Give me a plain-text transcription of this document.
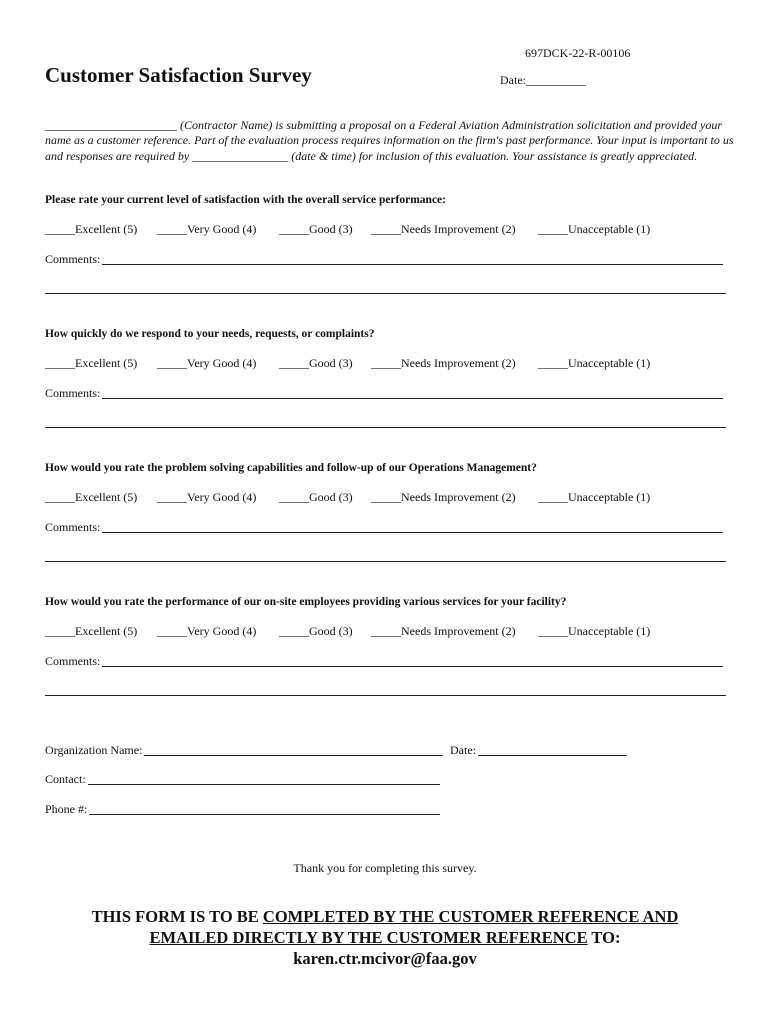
697DCK-22-R-00106
Customer Satisfaction Survey	Date:__________
______________________ (Contractor Name) is submitting a proposal on a Federal Aviation Administration solicitation and provided your name as a customer reference. Part of the evaluation process requires information on the firm's past performance. Your input is important to us and responses are required by ________________ (date & time) for inclusion of this evaluation. Your assistance is greatly appreciated.
Please rate your current level of satisfaction with the overall service performance:
_____Excellent (5) _____Very Good (4) _____Good (3) _____Needs Improvement (2) _____Unacceptable (1)
Comments:
How quickly do we respond to your needs, requests, or complaints?
_____Excellent (5) _____Very Good (4) _____Good (3) _____Needs Improvement (2) _____Unacceptable (1)
Comments:
How would you rate the problem solving capabilities and follow-up of our Operations Management?
_____Excellent (5) _____Very Good (4) _____Good (3) _____Needs Improvement (2) _____Unacceptable (1)
Comments:
How would you rate the performance of our on-site employees providing various services for your facility?
_____Excellent (5) _____Very Good (4) _____Good (3) _____Needs Improvement (2) _____Unacceptable (1)
Comments:
Organization Name:	Date:
Contact:
Phone #:
Thank you for completing this survey.
THIS FORM IS TO BE COMPLETED BY THE CUSTOMER REFERENCE AND
EMAILED DIRECTLY BY THE CUSTOMER REFERENCE TO:
karen.ctr.mcivor@faa.gov
